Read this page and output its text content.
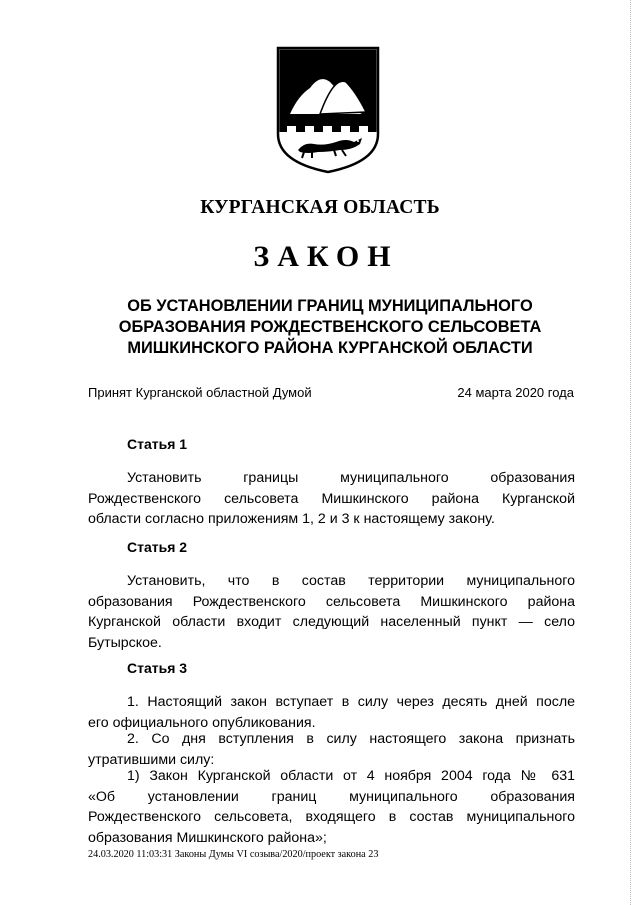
КУРГАНСКАЯ ОБЛАСТЬ
ЗАКОН
ОБ УСТАНОВЛЕНИИ ГРАНИЦ МУНИЦИПАЛЬНОГО
ОБРАЗОВАНИЯ РОЖДЕСТВЕНСКОГО СЕЛЬСОВЕТА
МИШКИНСКОГО РАЙОНА КУРГАНСКОЙ ОБЛАСТИ
Принят Курганской областной Думой	24 марта 2020 года
Статья 1

Установить границы муниципального образования
Рождественского сельсовета Мишкинского района Курганской
области согласно приложениям 1, 2 и 3 к настоящему закону.

Статья 2

Установить, что в состав территории муниципального
образования Рождественского сельсовета Мишкинского района
Курганской области входит следующий населенный пункт — село
Бутырское.

Статья 3

1. Настоящий закон вступает в силу через десять дней после
его официального опубликования.

2. Со дня вступления в силу настоящего закона признать
утратившими силу:

1) Закон Курганской области от 4 ноября 2004 года № 631
«Об установлении границ муниципального образования
Рождественского сельсовета, входящего в состав муниципального
образования Мишкинского района»;

24.03.2020 11:03:31 Законы Думы VI созыва/2020/проект закона 23
